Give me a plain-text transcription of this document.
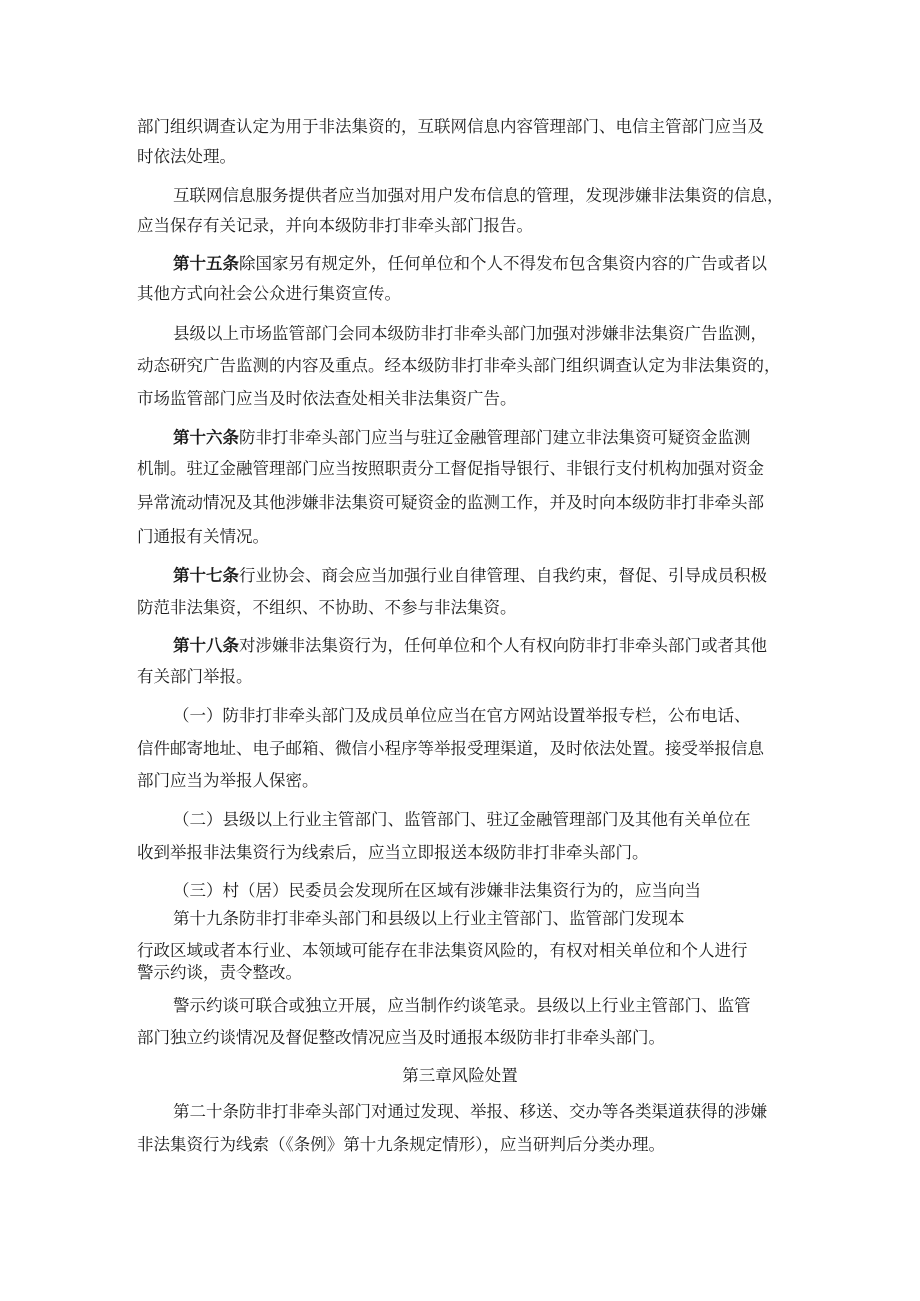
部门组织调查认定为用于非法集资的，互联网信息内容管理部门、电信主管部门应当及
时依法处理。
互联网信息服务提供者应当加强对用户发布信息的管理，发现涉嫌非法集资的信息，
应当保存有关记录，并向本级防非打非牵头部门报告。
第十五条除国家另有规定外，任何单位和个人不得发布包含集资内容的广告或者以
其他方式向社会公众进行集资宣传。
县级以上市场监管部门会同本级防非打非牵头部门加强对涉嫌非法集资广告监测，
动态研究广告监测的内容及重点。经本级防非打非牵头部门组织调查认定为非法集资的，
市场监管部门应当及时依法查处相关非法集资广告。
第十六条防非打非牵头部门应当与驻辽金融管理部门建立非法集资可疑资金监测
机制。驻辽金融管理部门应当按照职责分工督促指导银行、非银行支付机构加强对资金
异常流动情况及其他涉嫌非法集资可疑资金的监测工作，并及时向本级防非打非牵头部
门通报有关情况。
第十七条行业协会、商会应当加强行业自律管理、自我约束，督促、引导成员积极
防范非法集资，不组织、不协助、不参与非法集资。
第十八条对涉嫌非法集资行为，任何单位和个人有权向防非打非牵头部门或者其他
有关部门举报。
（一）防非打非牵头部门及成员单位应当在官方网站设置举报专栏，公布电话、
信件邮寄地址、电子邮箱、微信小程序等举报受理渠道，及时依法处置。接受举报信息
部门应当为举报人保密。
（二）县级以上行业主管部门、监管部门、驻辽金融管理部门及其他有关单位在
收到举报非法集资行为线索后，应当立即报送本级防非打非牵头部门。
（三）村（居）民委员会发现所在区域有涉嫌非法集资行为的，应当向当
第十九条防非打非牵头部门和县级以上行业主管部门、监管部门发现本
行政区域或者本行业、本领域可能存在非法集资风险的，有权对相关单位和个人进行
警示约谈，责令整改。
警示约谈可联合或独立开展，应当制作约谈笔录。县级以上行业主管部门、监管
部门独立约谈情况及督促整改情况应当及时通报本级防非打非牵头部门。
第三章风险处置
第二十条防非打非牵头部门对通过发现、举报、移送、交办等各类渠道获得的涉嫌
非法集资行为线索（《条例》第十九条规定情形），应当研判后分类办理。
